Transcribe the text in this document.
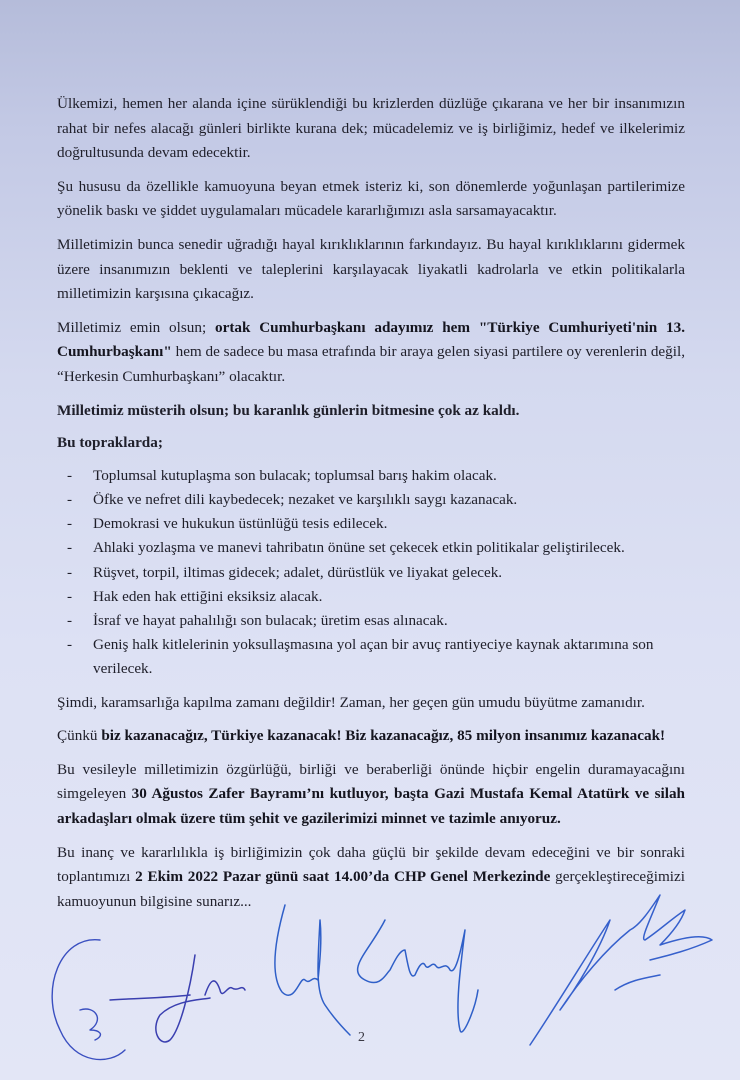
Ülkemizi, hemen her alanda içine sürüklendiği bu krizlerden düzlüğe çıkarana ve her bir insanımızın rahat bir nefes alacağı günleri birlikte kurana dek; mücadelemiz ve iş birliğimiz, hedef ve ilkelerimiz doğrultusunda devam edecektir.

Şu hususu da özellikle kamuoyuna beyan etmek isteriz ki, son dönemlerde yoğunlaşan partilerimize yönelik baskı ve şiddet uygulamaları mücadele kararlığımızı asla sarsamayacaktır.

Milletimizin bunca senedir uğradığı hayal kırıklıklarının farkındayız. Bu hayal kırıklıklarını gidermek üzere insanımızın beklenti ve taleplerini karşılayacak liyakatli kadrolarla ve etkin politikalarla milletimizin karşısına çıkacağız.

Milletimiz emin olsun; ortak Cumhurbaşkanı adayımız hem "Türkiye Cumhuriyeti'nin 13. Cumhurbaşkanı" hem de sadece bu masa etrafında bir araya gelen siyasi partilere oy verenlerin değil, “Herkesin Cumhurbaşkanı” olacaktır.

Milletimiz müsterih olsun; bu karanlık günlerin bitmesine çok az kaldı.

Bu topraklarda;

- Toplumsal kutuplaşma son bulacak; toplumsal barış hakim olacak.
- Öfke ve nefret dili kaybedecek; nezaket ve karşılıklı saygı kazanacak.
- Demokrasi ve hukukun üstünlüğü tesis edilecek.
- Ahlaki yozlaşma ve manevi tahribatın önüne set çekecek etkin politikalar geliştirilecek.
- Rüşvet, torpil, iltimas gidecek; adalet, dürüstlük ve liyakat gelecek.
- Hak eden hak ettiğini eksiksiz alacak.
- İsraf ve hayat pahalılığı son bulacak; üretim esas alınacak.
- Geniş halk kitlelerinin yoksullaşmasına yol açan bir avuç rantiyeciye kaynak aktarımına son verilecek.

Şimdi, karamsarlığa kapılma zamanı değildir! Zaman, her geçen gün umudu büyütme zamanıdır.

Çünkü biz kazanacağız, Türkiye kazanacak! Biz kazanacağız, 85 milyon insanımız kazanacak!

Bu vesileyle milletimizin özgürlüğü, birliği ve beraberliği önünde hiçbir engelin duramayacağını simgeleyen 30 Ağustos Zafer Bayramı’nı kutluyor, başta Gazi Mustafa Kemal Atatürk ve silah arkadaşları olmak üzere tüm şehit ve gazilerimizi minnet ve tazimle anıyoruz.

Bu inanç ve kararlılıkla iş birliğimizin çok daha güçlü bir şekilde devam edeceğini ve bir sonraki toplantımızı 2 Ekim 2022 Pazar günü saat 14.00’da CHP Genel Merkezinde gerçekleştireceğimizi kamuoyunun bilgisine sunarız...

2
